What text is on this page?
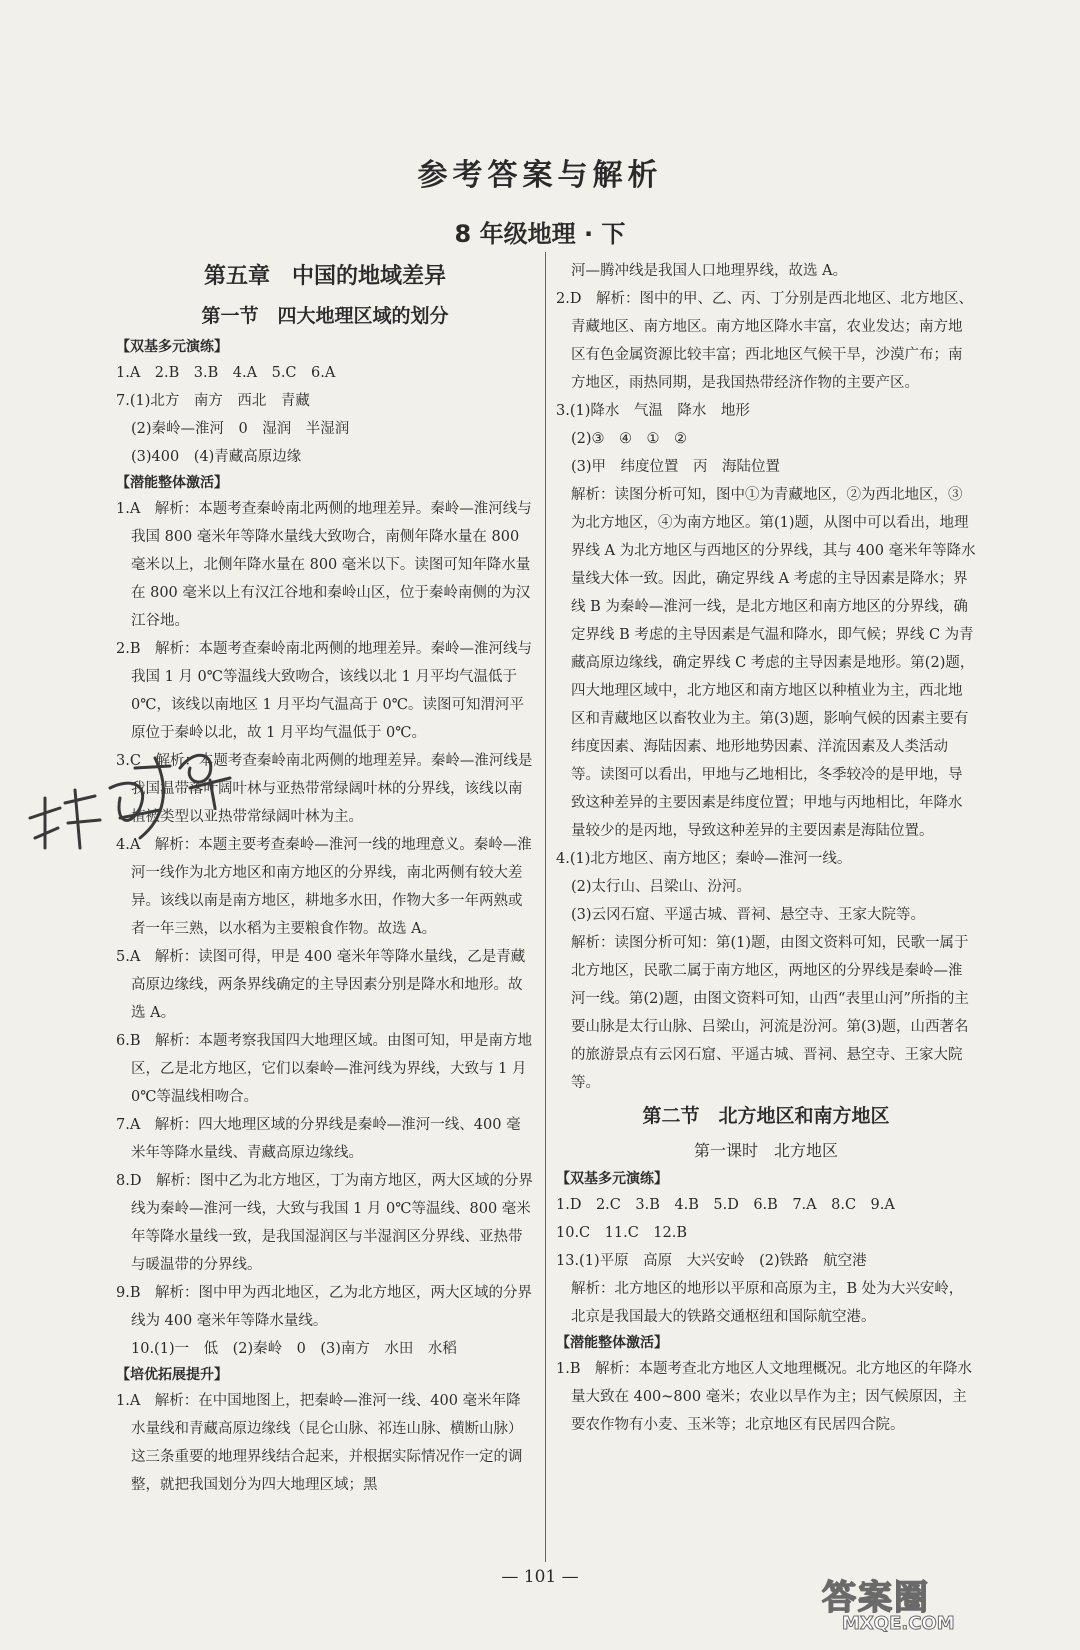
参考答案与解析
8 年级地理 · 下
第五章　中国的地域差异
第一节　四大地理区域的划分
【双基多元演练】
1.A　2.B　3.B　4.A　5.C　6.A
7.(1)北方　南方　西北　青藏
(2)秦岭—淮河　0　湿润　半湿润
(3)400　(4)青藏高原边缘
【潜能整体激活】
1.A　解析：本题考查秦岭南北两侧的地理差异。秦岭—淮河线与我国 800 毫米年等降水量线大致吻合，南侧年降水量在 800 毫米以上，北侧年降水量在 800 毫米以下。读图可知年降水量在 800 毫米以上有汉江谷地和秦岭山区，位于秦岭南侧的为汉江谷地。
2.B　解析：本题考查秦岭南北两侧的地理差异。秦岭—淮河线与我国 1 月 0℃等温线大致吻合，该线以北 1 月平均气温低于 0℃，该线以南地区 1 月平均气温高于 0℃。读图可知渭河平原位于秦岭以北，故 1 月平均气温低于 0℃。
3.C　解析：本题考查秦岭南北两侧的地理差异。秦岭—淮河线是我国温带落叶阔叶林与亚热带常绿阔叶林的分界线，该线以南植被类型以亚热带常绿阔叶林为主。
4.A　解析：本题主要考查秦岭—淮河一线的地理意义。秦岭—淮河一线作为北方地区和南方地区的分界线，南北两侧有较大差异。该线以南是南方地区，耕地多水田，作物大多一年两熟或者一年三熟，以水稻为主要粮食作物。故选 A。
5.A　解析：读图可得，甲是 400 毫米年等降水量线，乙是青藏高原边缘线，两条界线确定的主导因素分别是降水和地形。故选 A。
6.B　解析：本题考察我国四大地理区域。由图可知，甲是南方地区，乙是北方地区，它们以秦岭—淮河线为界线，大致与 1 月 0℃等温线相吻合。
7.A　解析：四大地理区域的分界线是秦岭—淮河一线、400 毫米年等降水量线、青藏高原边缘线。
8.D　解析：图中乙为北方地区，丁为南方地区，两大区域的分界线为秦岭—淮河一线，大致与我国 1 月 0℃等温线、800 毫米年等降水量线一致，是我国湿润区与半湿润区分界线、亚热带与暖温带的分界线。
9.B　解析：图中甲为西北地区，乙为北方地区，两大区域的分界线为 400 毫米年等降水量线。
10.(1)一　低　(2)秦岭　0　(3)南方　水田　水稻
【培优拓展提升】
1.A　解析：在中国地图上，把秦岭—淮河一线、400 毫米年降水量线和青藏高原边缘线（昆仑山脉、祁连山脉、横断山脉）这三条重要的地理界线结合起来，并根据实际情况作一定的调整，就把我国划分为四大地理区域；黑
河—腾冲线是我国人口地理界线，故选 A。
2.D　解析：图中的甲、乙、丙、丁分别是西北地区、北方地区、青藏地区、南方地区。南方地区降水丰富，农业发达；南方地区有色金属资源比较丰富；西北地区气候干旱，沙漠广布；南方地区，雨热同期，是我国热带经济作物的主要产区。
3.(1)降水　气温　降水　地形
(2)③　④　①　②
(3)甲　纬度位置　丙　海陆位置
解析：读图分析可知，图中①为青藏地区，②为西北地区，③为北方地区，④为南方地区。第(1)题，从图中可以看出，地理界线 A 为北方地区与西地区的分界线，其与 400 毫米年等降水量线大体一致。因此，确定界线 A 考虑的主导因素是降水；界线 B 为秦岭—淮河一线，是北方地区和南方地区的分界线，确定界线 B 考虑的主导因素是气温和降水，即气候；界线 C 为青藏高原边缘线，确定界线 C 考虑的主导因素是地形。第(2)题，四大地理区域中，北方地区和南方地区以种植业为主，西北地区和青藏地区以畜牧业为主。第(3)题，影响气候的因素主要有纬度因素、海陆因素、地形地势因素、洋流因素及人类活动等。读图可以看出，甲地与乙地相比，冬季较冷的是甲地，导致这种差异的主要因素是纬度位置；甲地与丙地相比，年降水量较少的是丙地，导致这种差异的主要因素是海陆位置。
4.(1)北方地区、南方地区；秦岭—淮河一线。
(2)太行山、吕梁山、汾河。
(3)云冈石窟、平遥古城、晋祠、悬空寺、王家大院等。
解析：读图分析可知：第(1)题，由图文资料可知，民歌一属于北方地区，民歌二属于南方地区，两地区的分界线是秦岭—淮河一线。第(2)题，由图文资料可知，山西“表里山河”所指的主要山脉是太行山脉、吕梁山，河流是汾河。第(3)题，山西著名的旅游景点有云冈石窟、平遥古城、晋祠、悬空寺、王家大院等。
第二节　北方地区和南方地区
第一课时　北方地区
【双基多元演练】
1.D　2.C　3.B　4.B　5.D　6.B　7.A　8.C　9.A
10.C　11.C　12.B
13.(1)平原　高原　大兴安岭　(2)铁路　航空港
解析：北方地区的地形以平原和高原为主，B 处为大兴安岭，北京是我国最大的铁路交通枢纽和国际航空港。
【潜能整体激活】
1.B　解析：本题考查北方地区人文地理概况。北方地区的年降水量大致在 400~800 毫米；农业以旱作为主；因气候原因，主要农作物有小麦、玉米等；北京地区有民居四合院。
— 101 —
答案圈
MXQE.COM
